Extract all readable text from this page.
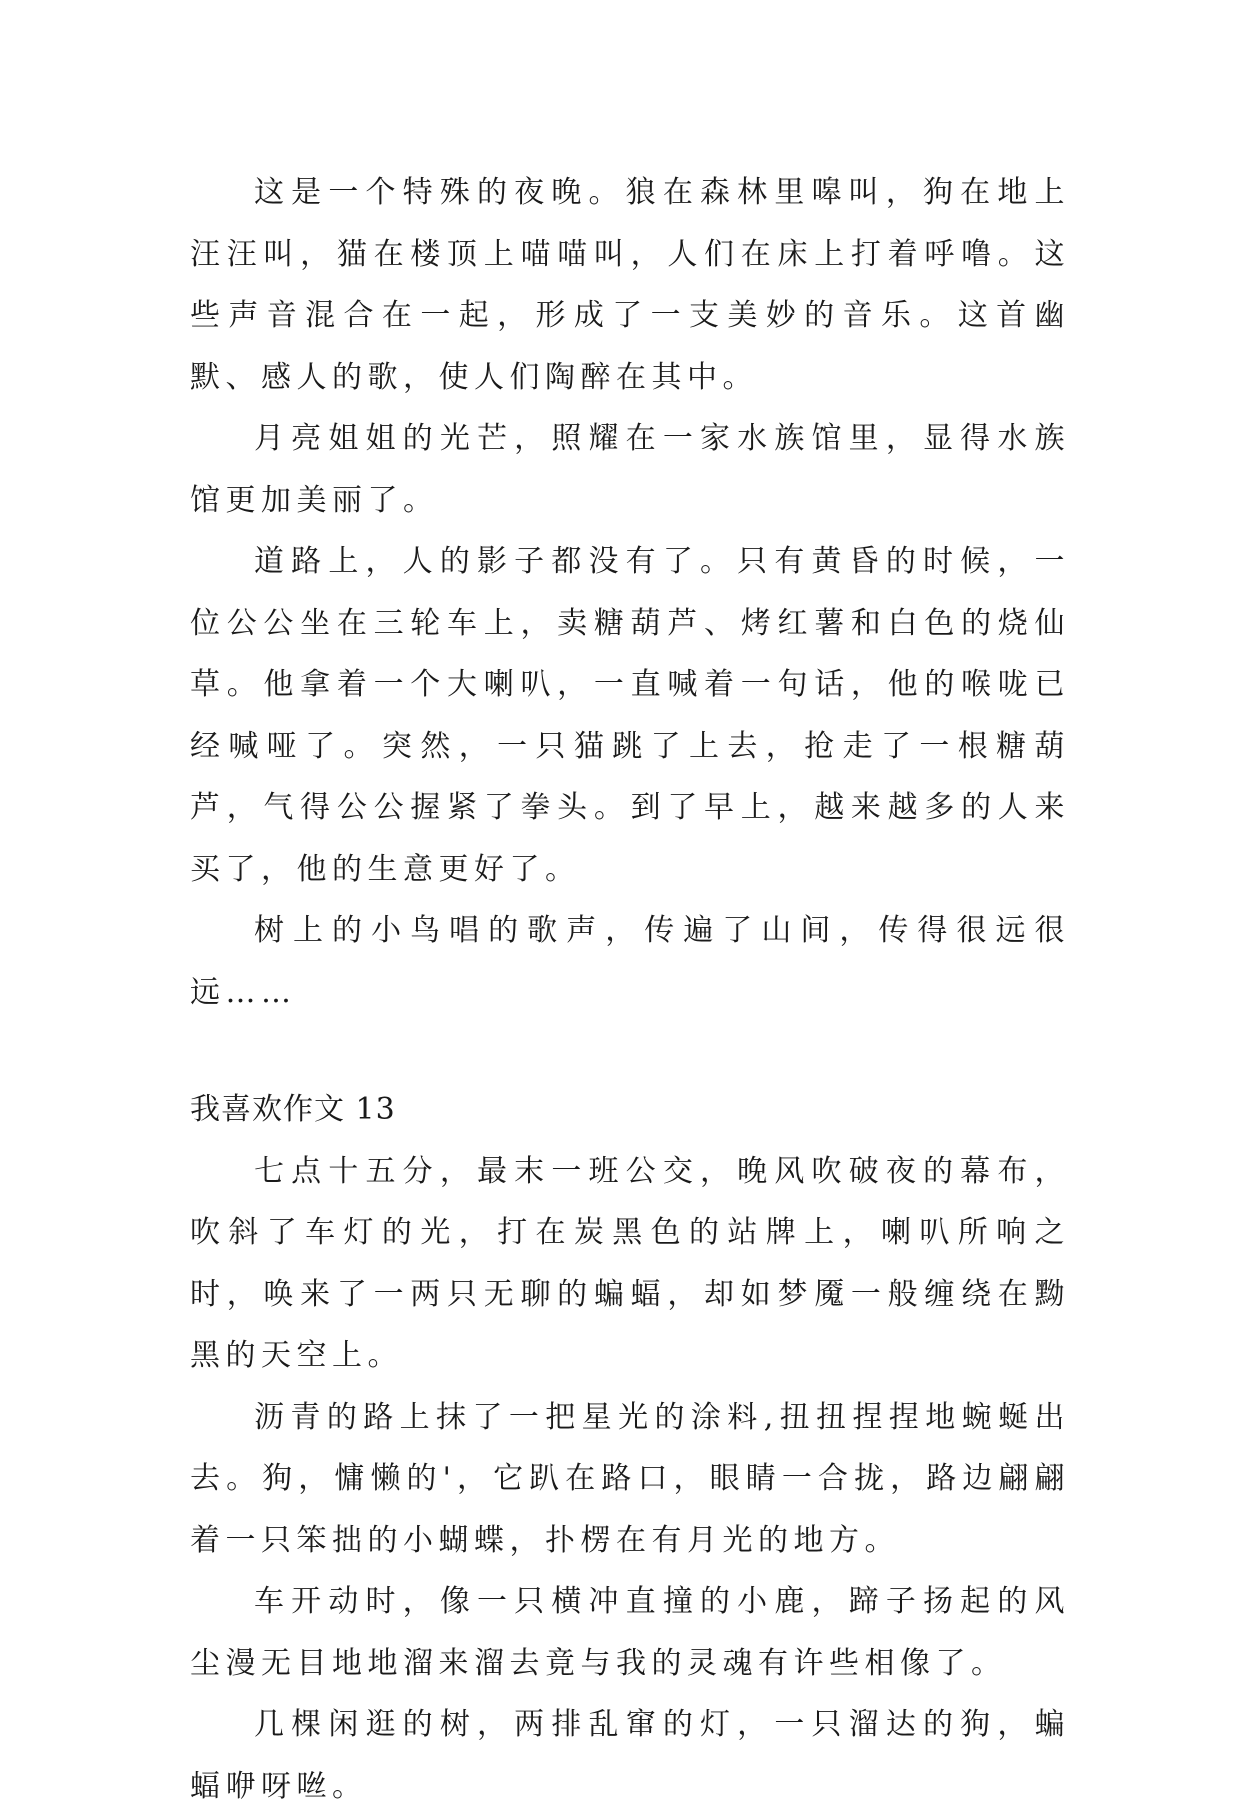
这是一个特殊的夜晚。狼在森林里嗥叫，狗在地上汪汪叫，猫在楼顶上喵喵叫，人们在床上打着呼噜。这些声音混合在一起，形成了一支美妙的音乐。这首幽默、感人的歌，使人们陶醉在其中。

月亮姐姐的光芒，照耀在一家水族馆里，显得水族馆更加美丽了。

道路上，人的影子都没有了。只有黄昏的时候，一位公公坐在三轮车上，卖糖葫芦、烤红薯和白色的烧仙草。他拿着一个大喇叭，一直喊着一句话，他的喉咙已经喊哑了。突然，一只猫跳了上去，抢走了一根糖葫芦，气得公公握紧了拳头。到了早上，越来越多的人来买了，他的生意更好了。

树上的小鸟唱的歌声，传遍了山间，传得很远很远……

我喜欢作文 13

七点十五分，最末一班公交，晚风吹破夜的幕布，吹斜了车灯的光，打在炭黑色的站牌上，喇叭所响之时，唤来了一两只无聊的蝙蝠，却如梦魇一般缠绕在黝黑的天空上。

沥青的路上抹了一把星光的涂料,扭扭捏捏地蜿蜒出去。狗，慵懒的'，它趴在路口，眼睛一合拢，路边翩翩着一只笨拙的小蝴蝶，扑楞在有月光的地方。

车开动时，像一只横冲直撞的小鹿，蹄子扬起的风尘漫无目地地溜来溜去竟与我的灵魂有许些相像了。

几棵闲逛的树，两排乱窜的灯，一只溜达的狗，蝙蝠咿呀咝。
